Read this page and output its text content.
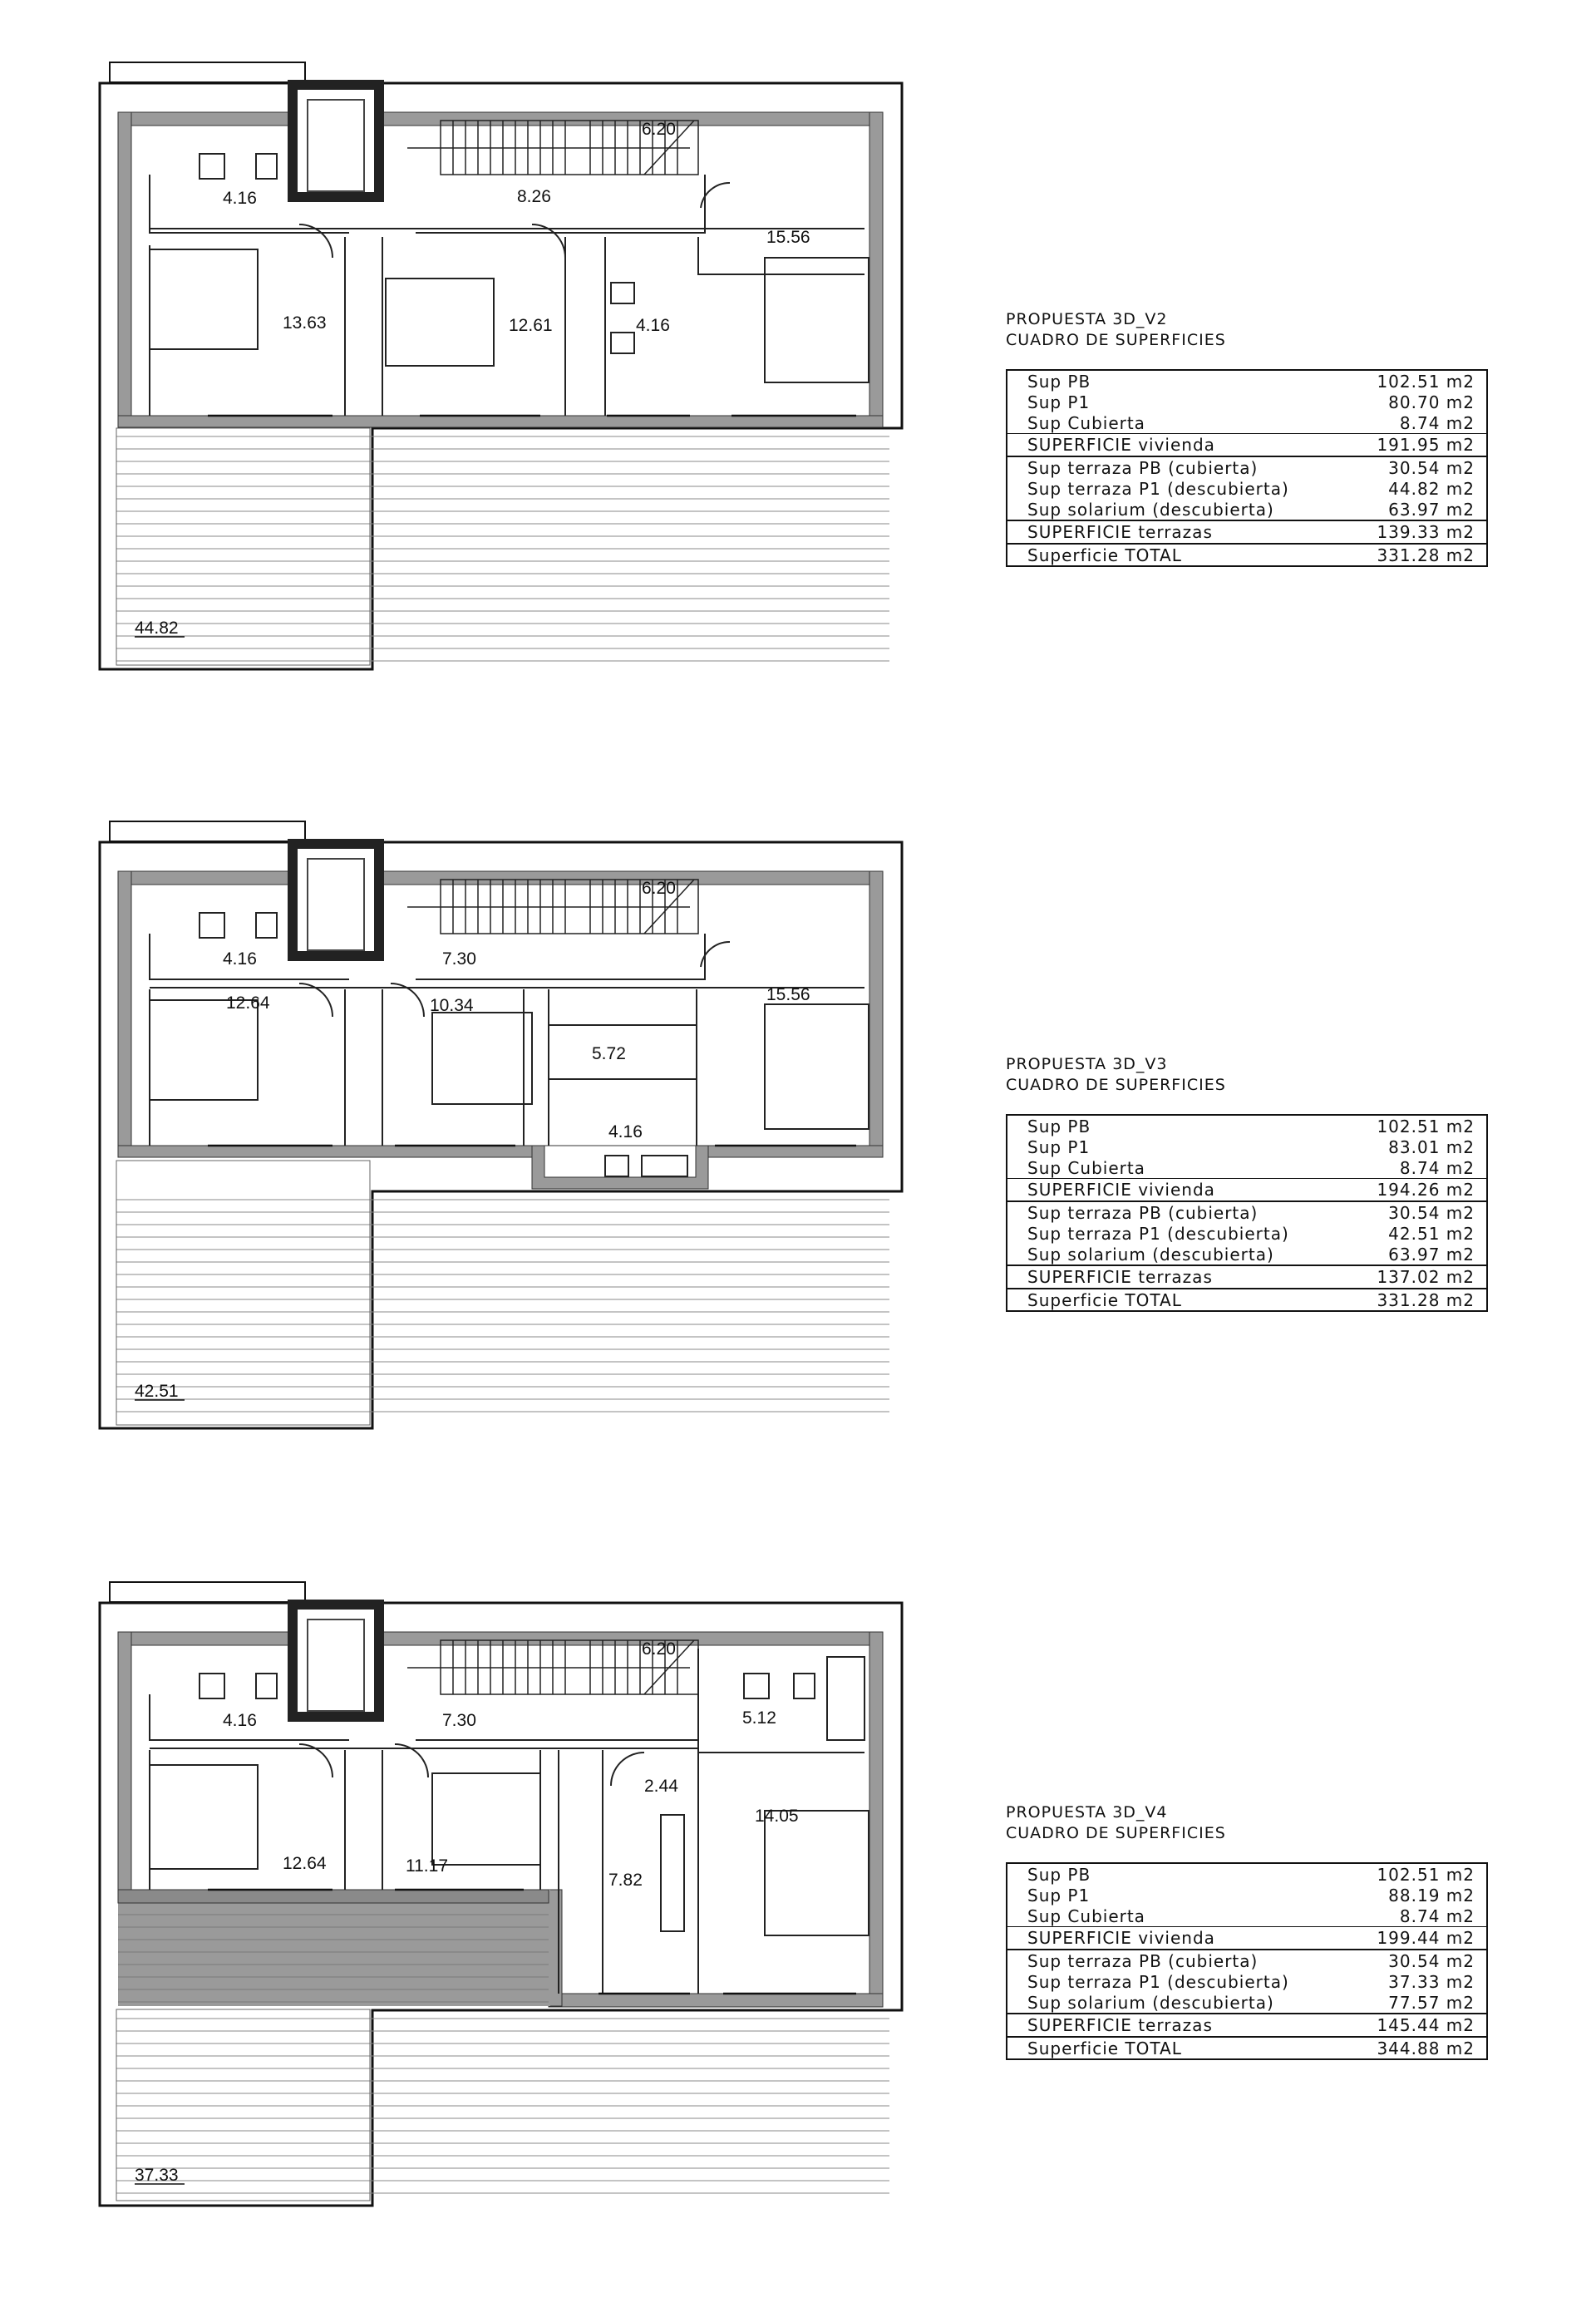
4.16	8.26
6.20
15.56
13.63	12.61	4.16
44.82
PROPUESTA 3D_V2
CUADRO DE SUPERFICIES
Sup PB	102.51 m2
Sup P1	80.70 m2
Sup Cubierta	8.74 m2
SUPERFICIE vivienda	191.95 m2
Sup terraza PB (cubierta)	30.54 m2
Sup terraza P1 (descubierta)	44.82 m2
Sup solarium (descubierta)	63.97 m2
SUPERFICIE terrazas	139.33 m2
Superficie TOTAL	331.28 m2
4.16	7.30
6.20
15.56
12.64	10.34
5.72
4.16
42.51
PROPUESTA 3D_V3
CUADRO DE SUPERFICIES
Sup PB	102.51 m2
Sup P1	83.01 m2
Sup Cubierta	8.74 m2
SUPERFICIE vivienda	194.26 m2
Sup terraza PB (cubierta)	30.54 m2
Sup terraza P1 (descubierta)	42.51 m2
Sup solarium (descubierta)	63.97 m2
SUPERFICIE terrazas	137.02 m2
Superficie TOTAL	331.28 m2
4.16	7.30
6.20
5.12
2.44
14.05
12.64	11.17
7.82
37.33
PROPUESTA 3D_V4
CUADRO DE SUPERFICIES
Sup PB	102.51 m2
Sup P1	88.19 m2
Sup Cubierta	8.74 m2
SUPERFICIE vivienda	199.44 m2
Sup terraza PB (cubierta)	30.54 m2
Sup terraza P1 (descubierta)	37.33 m2
Sup solarium (descubierta)	77.57 m2
SUPERFICIE terrazas	145.44 m2
Superficie TOTAL	344.88 m2
